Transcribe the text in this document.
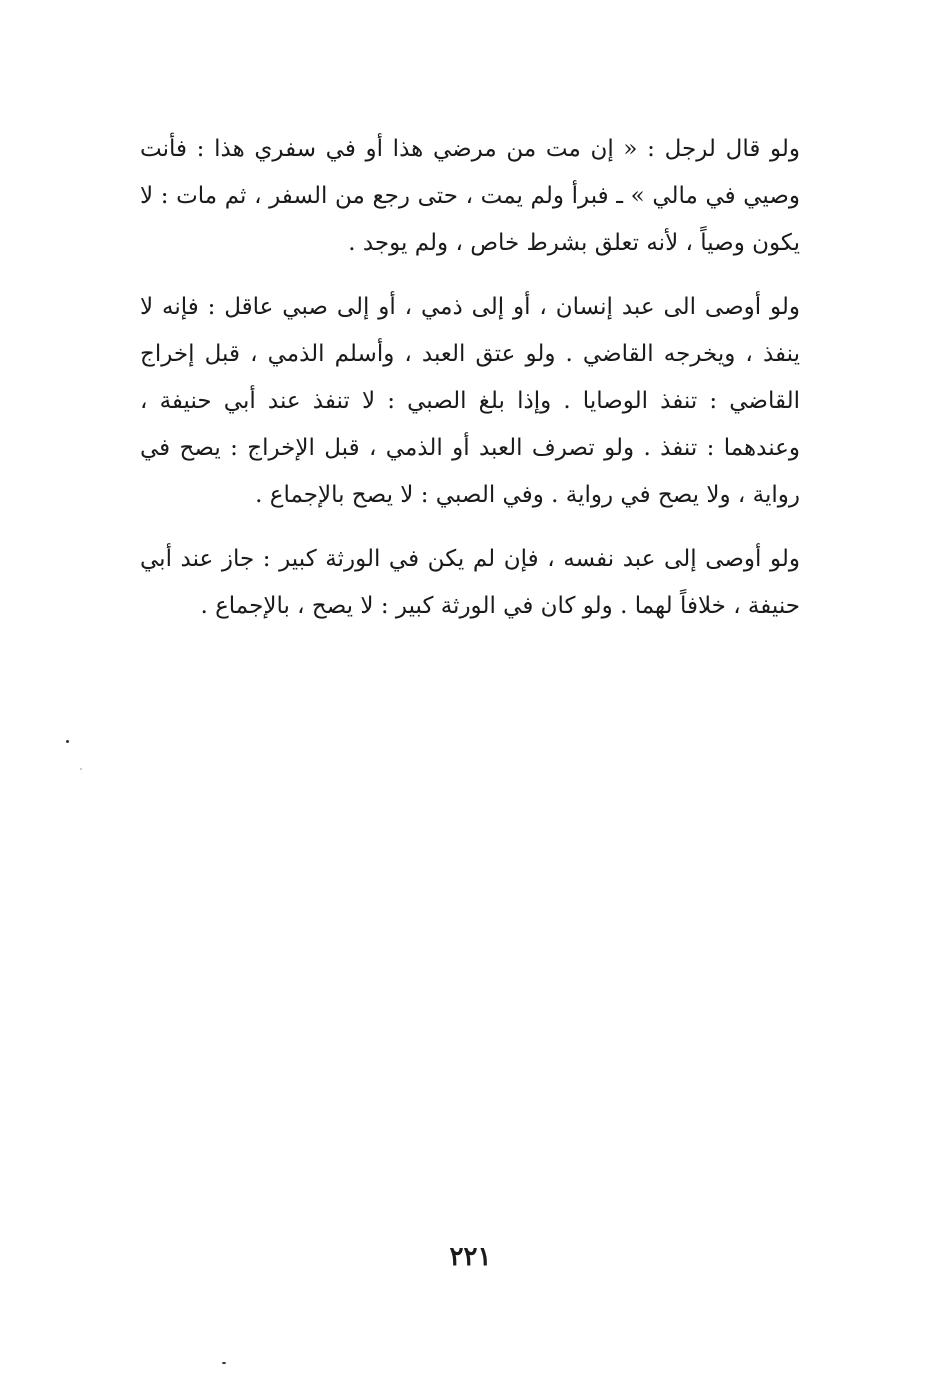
ولو قال لرجل : « إن مت من مرضي هذا أو في سفري هذا : فأنت
وصيي في مالي » ـ فبرأ ولم يمت ، حتى رجع من السفر ، ثم مات : لا
يكون وصياً ، لأنه تعلق بشرط خاص ، ولم يوجد .

ولو أوصى الى عبد إنسان ، أو إلى ذمي ، أو إلى صبي عاقل : فإنه لا
ينفذ ، ويخرجه القاضي . ولو عتق العبد ، وأسلم الذمي ، قبل إخراج
القاضي : تنفذ الوصايا . وإذا بلغ الصبي : لا تنفذ عند أبي حنيفة ،
وعندهما : تنفذ . ولو تصرف العبد أو الذمي ، قبل الإخراج : يصح في
رواية ، ولا يصح في رواية . وفي الصبي : لا يصح بالإجماع .

ولو أوصى إلى عبد نفسه ، فإن لم يكن في الورثة كبير : جاز عند أبي
حنيفة ، خلافاً لهما . ولو كان في الورثة كبير : لا يصح ، بالإجماع .

٢٢١
